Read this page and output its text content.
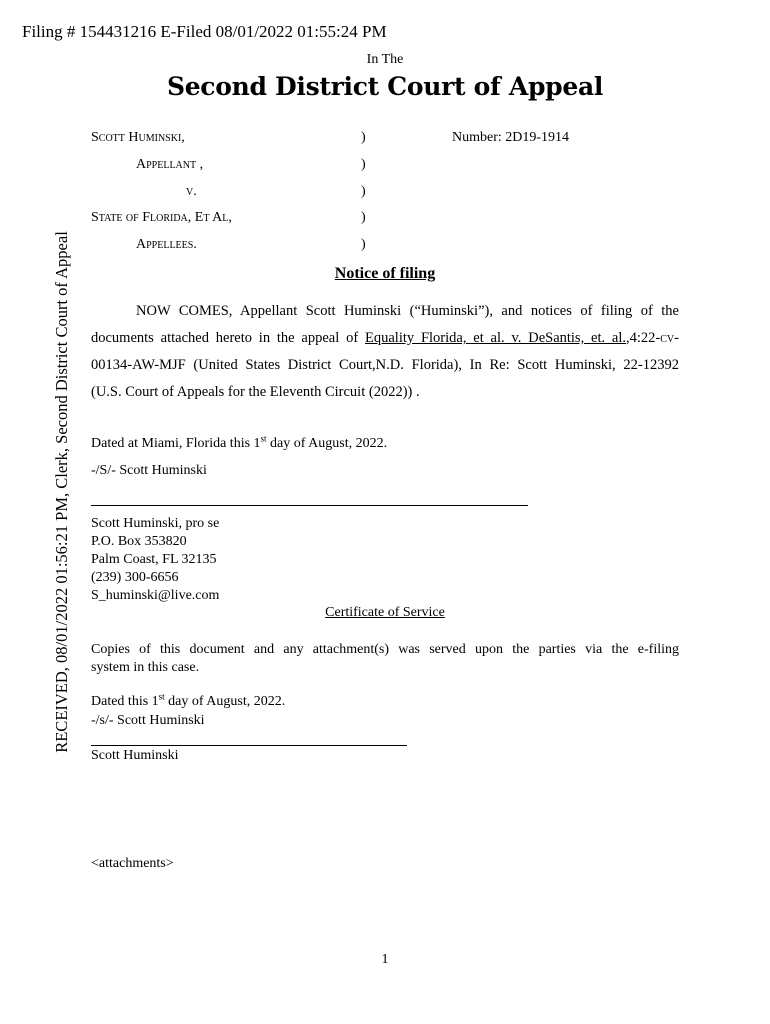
Filing # 154431216 E-Filed 08/01/2022 01:55:24 PM
RECEIVED, 08/01/2022 01:56:21 PM, Clerk, Second District Court of Appeal
In The
Second District Court of Appeal
Scott Huminski,
Appellant ,
v.
State of Florida, Et Al,
Appellees.
)
)
)
)
)
Number: 2D19-1914
Notice of filing
NOW COMES, Appellant Scott Huminski (“Huminski”), and notices of filing of the
documents attached hereto in the appeal of Equality Florida, et al. v. DeSantis, et. al.,4:22-cv-
00134-AW-MJF (United States District Court,N.D. Florida), In Re: Scott Huminski, 22-12392
(U.S. Court of Appeals for the Eleventh Circuit (2022)) .
Dated at Miami, Florida this 1st day of August, 2022.
-/S/- Scott Huminski
Scott Huminski, pro se
P.O. Box 353820
Palm Coast, FL 32135
(239) 300-6656
S_huminski@live.com
Certificate of Service
Copies of this document and any attachment(s) was served upon the parties via the e-filing
system in this case.
Dated this 1st day of August, 2022.
-/s/- Scott Huminski
Scott Huminski
<attachments>
1
